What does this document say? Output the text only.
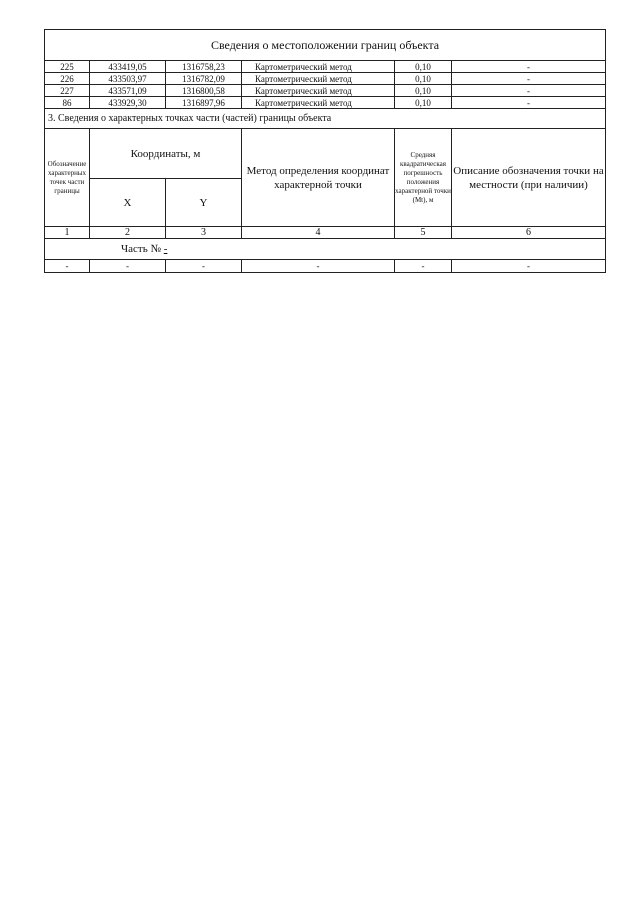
Сведения о местоположении границ объекта					
225	433419,05	1316758,23	Картометрический метод	0,10	-
226	433503,97	1316782,09	Картометрический метод	0,10	-
227	433571,09	1316800,58	Картометрический метод	0,10	-
86	433929,30	1316897,96	Картометрический метод	0,10	-
3. Сведения о характерных точках части (частей) границы объекта					
Обозначение характерных точек части границы	Координаты, м		Метод определения координат характерной точки	Средняя квадратическая погрешность положения характерной точки (Мt), м	Описание обозначения точки на местности (при наличии)
	X	Y			
1	2	3	4	5	6
Часть № -					
-	-	-	-	-	-
